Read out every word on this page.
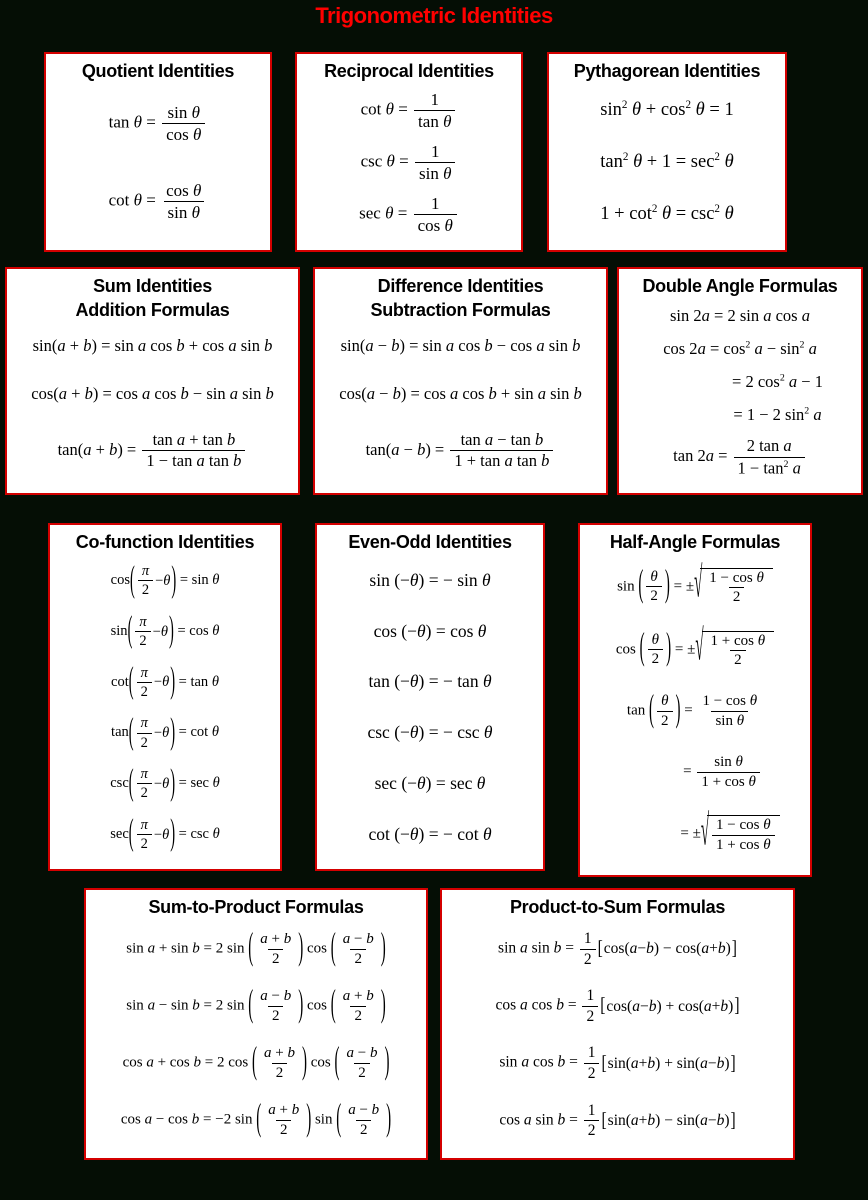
Trigonometric Identities
Quotient Identities
$\tan \theta = \frac{\text{sin θ}}{\text{cos θ}}$
$\cot \theta = \frac{\text{cos θ}}{\text{sin θ}}$
Reciprocal Identities
$\cot \theta = \frac{1}{\text{tan θ}}$
$\csc \theta = \frac{1}{\text{sin θ}}$
$\sec \theta = \frac{1}{\text{cos θ}}$
Pythagorean Identities
$\sin^2 \theta + \cos^2 \theta = 1$
$\tan^2 \theta + 1 = \sec^2 \theta$
$1 + \cot^2 \theta = \csc^2 \theta$
Sum Identities
Addition Formulas
sin(a + b) = sin a cos b + cos a sin b
cos(a + b) = cos a cos b − sin a sin b
$\tan(a + b) = \frac{\text{tan a + tan b}}{\text{1 − tan a tan b}}$
Difference Identities
Subtraction Formulas
sin(a − b) = sin a cos b − cos a sin b
cos(a − b) = cos a cos b + sin a sin b
$\tan(a - b) = \frac{\text{tan a − tan b}}{\text{1 + tan a tan b}}$
Double Angle Formulas
sin 2a = 2 sin a cos a
$\cos 2a = \cos^2 a - \sin^2 a$
= 2 $\cos^2 a - 1$
= 1 − 2 $\sin^2 a$
$\tan 2a = \frac{\text{2 tan a}}{1 - \tan^2 a}$
Co-function Identities
cos ( π
2
− θ ) = sin θ
sin ( π
2
− θ ) = cos θ
cot ( π
2
− θ ) = tan θ
tan ( π
2
− θ ) = cot θ
csc ( π
2
− θ ) = sec θ
sec ( π
2
− θ ) = csc θ
Even-Odd Identities
sin (−θ) = − sin θ
cos (−θ) = cos θ
tan (−θ) = − tan θ
csc (−θ) = − csc θ
sec (−θ) = sec θ
cot (−θ) = − cot θ
Half-Angle Formulas
sin ( θ
2 ) = ± √ 1 − cos θ
2
cos ( θ
2 ) = ± √ 1 + cos θ
2
tan ( θ
2 ) = $\frac{\text{1 − cos θ}}{\text{sin θ}}$
= $\frac{\text{sin θ}}{\text{1 + cos θ}}$
= ± √ 1 − cos θ
1 + cos θ
Sum-to-Product Formulas
sin a + sin b = 2 sin ( a + b
2 ) cos ( a − b
2 )
sin a − sin b = 2 sin ( a − b
2 ) cos ( a + b
2 )
cos a + cos b = 2 cos ( a + b
2 ) cos ( a − b
2 )
cos a − cos b = −2 sin ( a + b
2 ) sin ( a − b
2 )
Product-to-Sum Formulas
sin a $\sin b = \frac{1}{2}$ [ cos( a − b ) − cos( a + b ) ]
cos a $\cos b = \frac{1}{2}$ [ cos( a − b ) + cos( a + b ) ]
sin a $\cos b = \frac{1}{2}$ [ sin( a + b ) + sin( a − b ) ]
cos a $\sin b = \frac{1}{2}$ [ sin( a + b ) − sin( a − b ) ]
